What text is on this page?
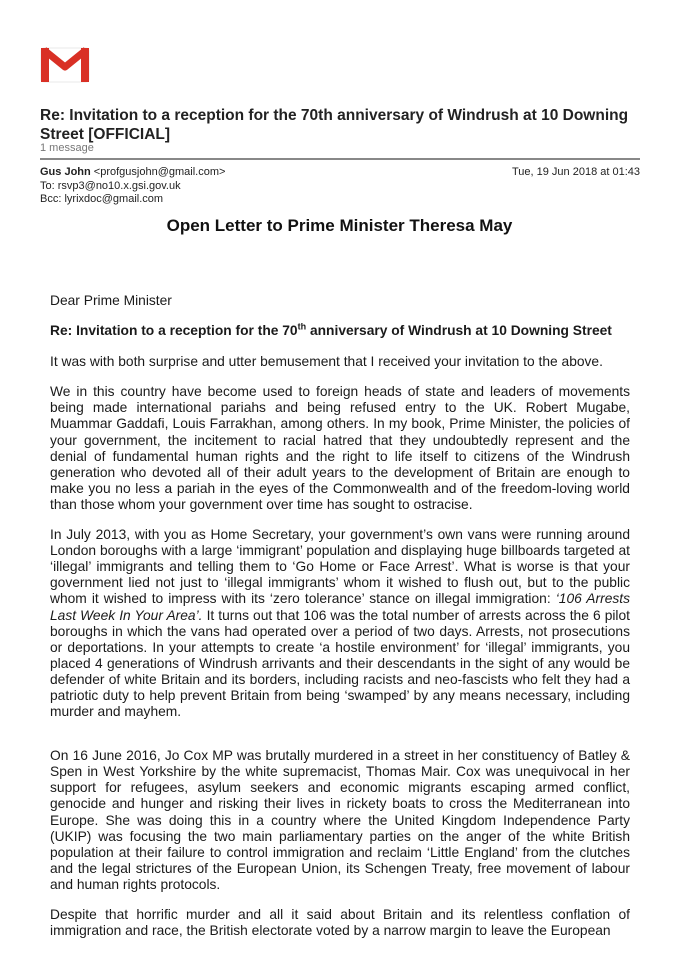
Re: Invitation to a reception for the 70th anniversary of Windrush at 10 Downing Street [OFFICIAL]
1 message
Gus John <profgusjohn@gmail.com>	Tue, 19 Jun 2018 at 01:43
To: rsvp3@no10.x.gsi.gov.uk
Bcc: lyrixdoc@gmail.com
Open Letter to Prime Minister Theresa May

Dear Prime Minister

Re: Invitation to a reception for the 70th anniversary of Windrush at 10 Downing Street

It was with both surprise and utter bemusement that I received your invitation to the above.

We in this country have become used to foreign heads of state and leaders of movements being made international pariahs and being refused entry to the UK. Robert Mugabe, Muammar Gaddafi, Louis Farrakhan, among others. In my book, Prime Minister, the policies of your government, the incitement to racial hatred that they undoubtedly represent and the denial of fundamental human rights and the right to life itself to citizens of the Windrush generation who devoted all of their adult years to the development of Britain are enough to make you no less a pariah in the eyes of the Commonwealth and of the freedom-loving world than those whom your government over time has sought to ostracise.

In July 2013, with you as Home Secretary, your government’s own vans were running around London boroughs with a large ‘immigrant’ population and displaying huge billboards targeted at ‘illegal’ immigrants and telling them to ‘Go Home or Face Arrest’. What is worse is that your government lied not just to ‘illegal immigrants’ whom it wished to flush out, but to the public whom it wished to impress with its ‘zero tolerance’ stance on illegal immigration: ‘106 Arrests Last Week In Your Area’. It turns out that 106 was the total number of arrests across the 6 pilot boroughs in which the vans had operated over a period of two days. Arrests, not prosecutions or deportations. In your attempts to create ‘a hostile environment’ for ‘illegal’ immigrants, you placed 4 generations of Windrush arrivants and their descendants in the sight of any would be defender of white Britain and its borders, including racists and neo-fascists who felt they had a patriotic duty to help prevent Britain from being ‘swamped’ by any means necessary, including murder and mayhem.

On 16 June 2016, Jo Cox MP was brutally murdered in a street in her constituency of Batley & Spen in West Yorkshire by the white supremacist, Thomas Mair. Cox was unequivocal in her support for refugees, asylum seekers and economic migrants escaping armed conflict, genocide and hunger and risking their lives in rickety boats to cross the Mediterranean into Europe. She was doing this in a country where the United Kingdom Independence Party (UKIP) was focusing the two main parliamentary parties on the anger of the white British population at their failure to control immigration and reclaim ‘Little England’ from the clutches and the legal strictures of the European Union, its Schengen Treaty, free movement of labour and human rights protocols.

Despite that horrific murder and all it said about Britain and its relentless conflation of immigration and race, the British electorate voted by a narrow margin to leave the European
